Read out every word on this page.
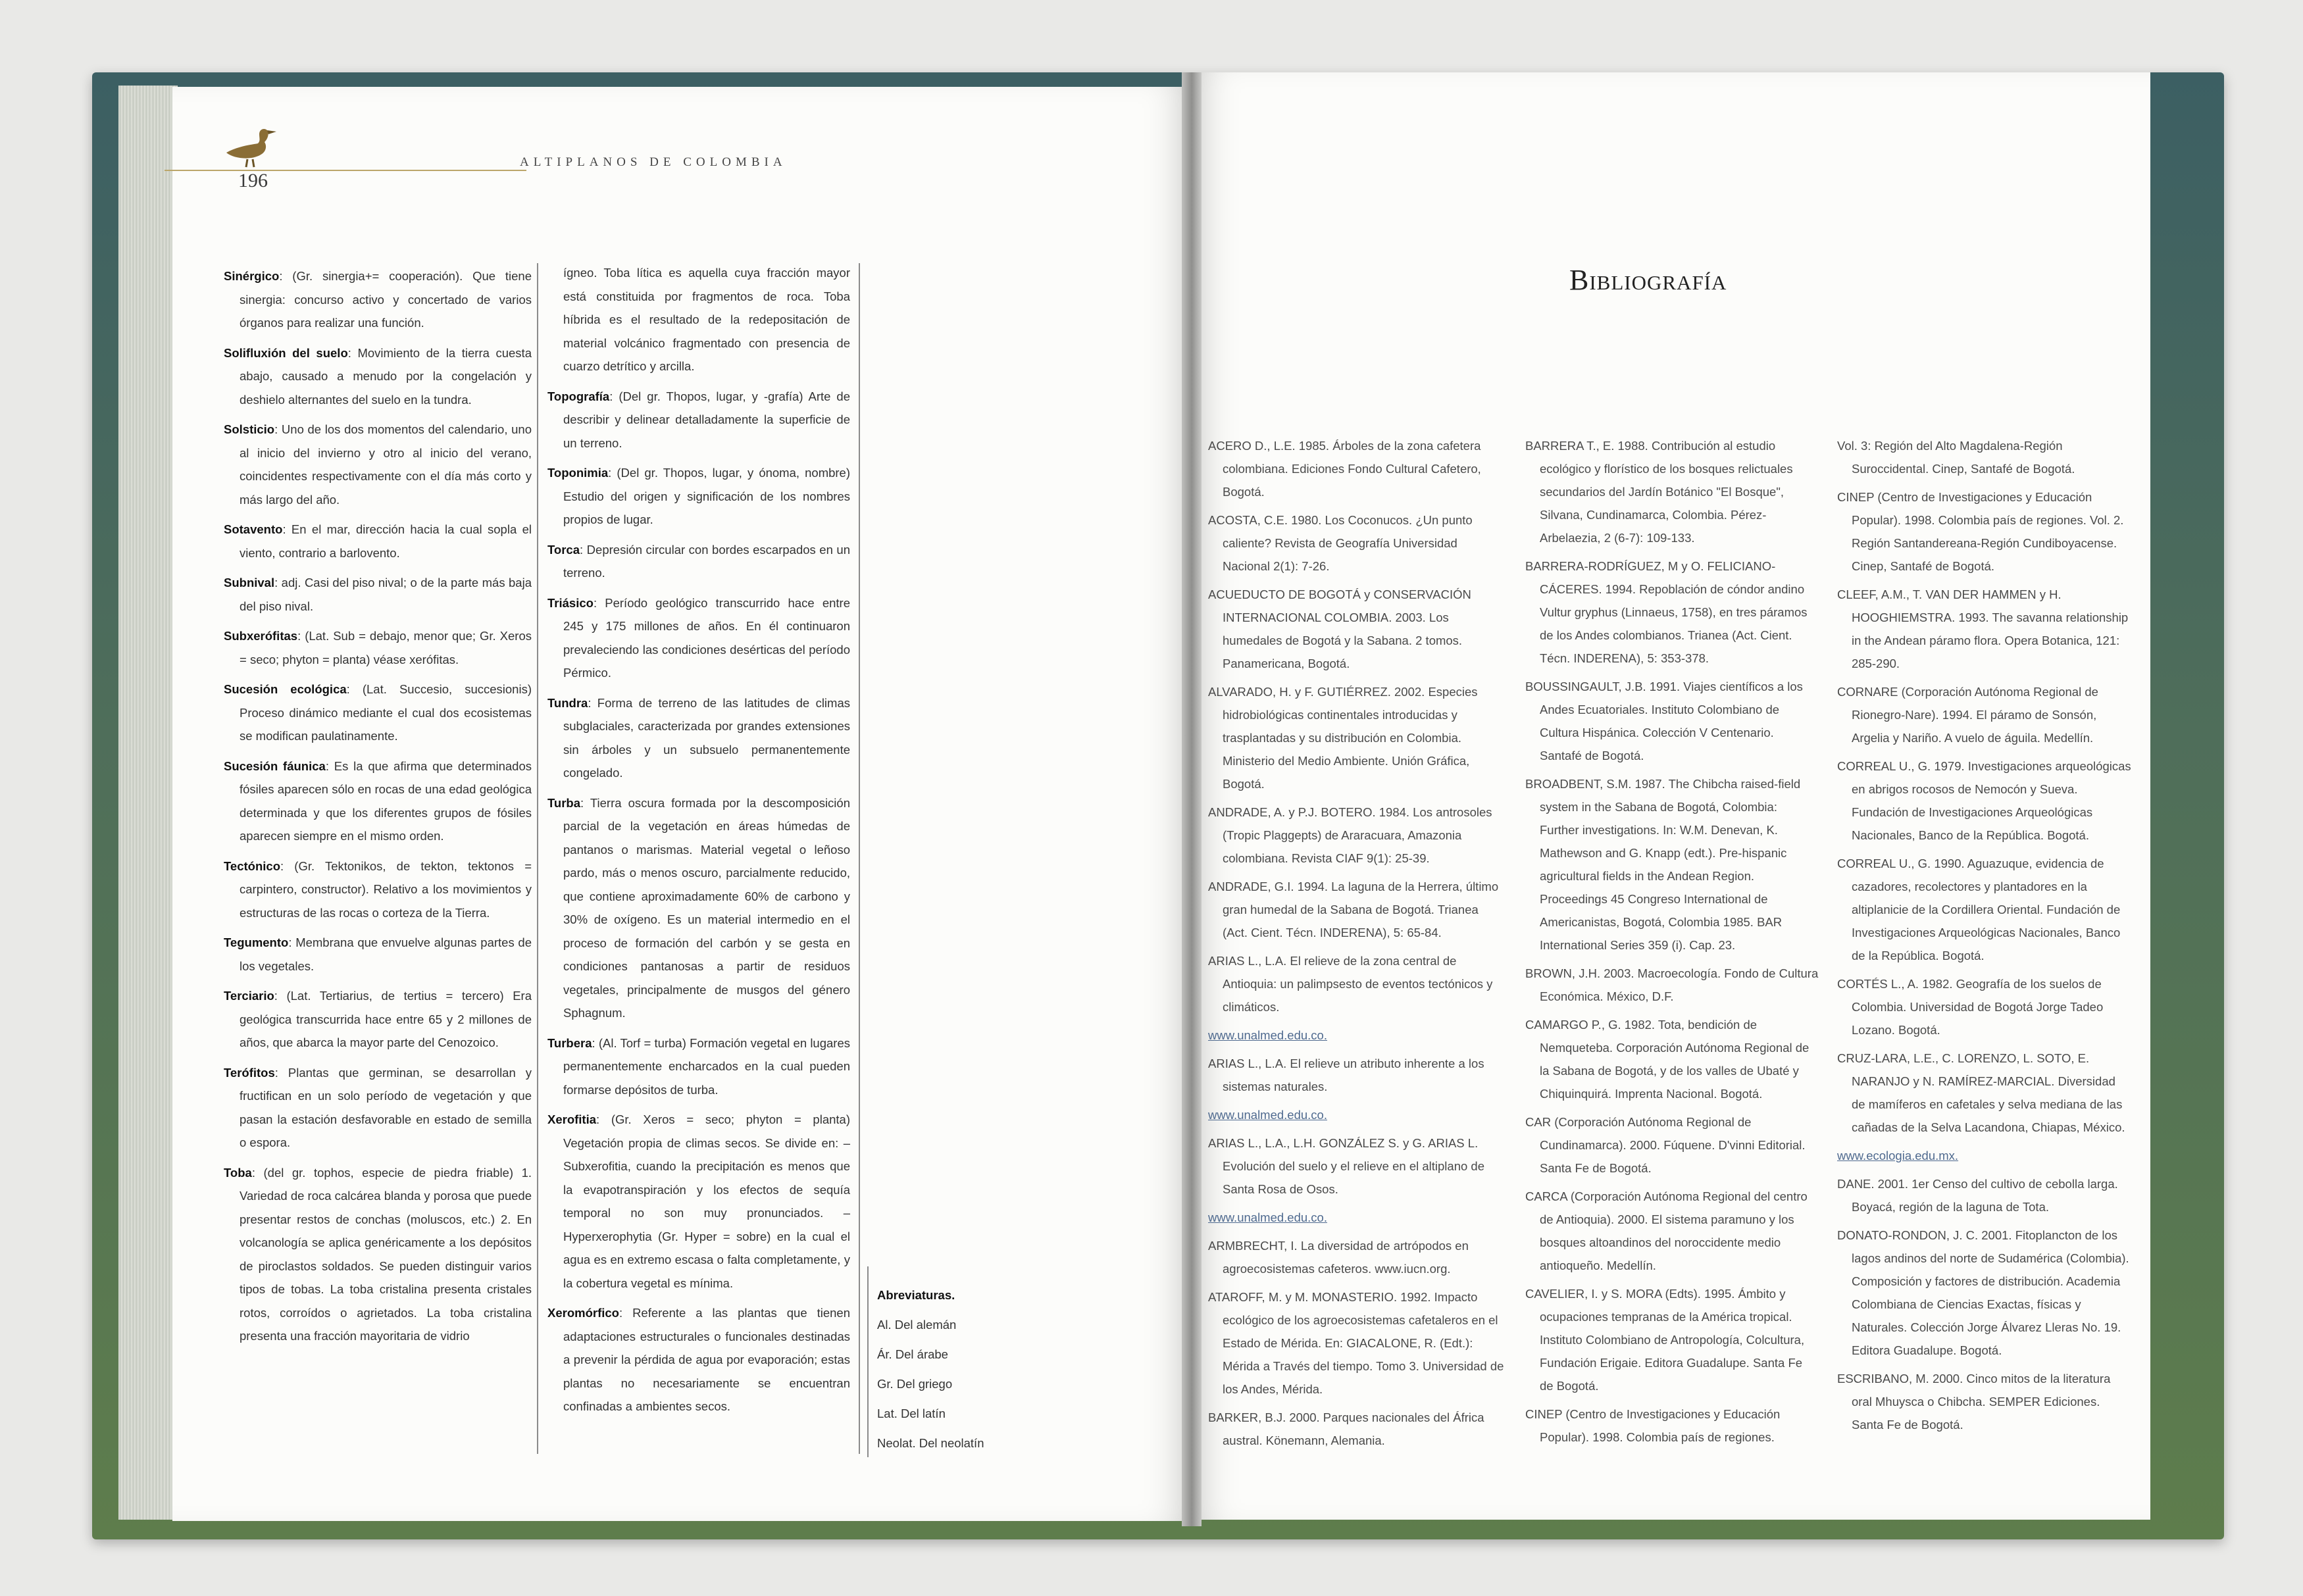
196
ALTIPLANOS DE COLOMBIA

Sinérgico: (Gr. sinergia+= cooperación). Que tiene sinergia: concurso activo y concertado de varios órganos para realizar una función.

Solifluxión del suelo: Movimiento de la tierra cuesta abajo, causado a menudo por la congelación y deshielo alternantes del suelo en la tundra.

Solsticio: Uno de los dos momentos del calendario, uno al inicio del invierno y otro al inicio del verano, coincidentes respectivamente con el día más corto y más largo del año.

Sotavento: En el mar, dirección hacia la cual sopla el viento, contrario a barlovento.

Subnival: adj. Casi del piso nival; o de la parte más baja del piso nival.

Subxerófitas: (Lat. Sub = debajo, menor que; Gr. Xeros = seco; phyton = planta) véase xerófitas.

Sucesión ecológica: (Lat. Succesio, succesionis) Proceso dinámico mediante el cual dos ecosistemas se modifican paulatinamente.

Sucesión fáunica: Es la que afirma que determinados fósiles aparecen sólo en rocas de una edad geológica determinada y que los diferentes grupos de fósiles aparecen siempre en el mismo orden.

Tectónico: (Gr. Tektonikos, de tekton, tektonos = carpintero, constructor). Relativo a los movimientos y estructuras de las rocas o corteza de la Tierra.

Tegumento: Membrana que envuelve algunas partes de los vegetales.

Terciario: (Lat. Tertiarius, de tertius = tercero) Era geológica transcurrida hace entre 65 y 2 millones de años, que abarca la mayor parte del Cenozoico.

Terófitos: Plantas que germinan, se desarrollan y fructifican en un solo período de vegetación y que pasan la estación desfavorable en estado de semilla o espora.

Toba: (del gr. tophos, especie de piedra friable) 1. Variedad de roca calcárea blanda y porosa que puede presentar restos de conchas (moluscos, etc.) 2. En volcanología se aplica genéricamente a los depósitos de piroclastos soldados. Se pueden distinguir varios tipos de tobas. La toba cristalina presenta cristales rotos, corroídos o agrietados. La toba cristalina presenta una fracción mayoritaria de vidrio

ígneo. Toba lítica es aquella cuya fracción mayor está constituida por fragmentos de roca. Toba híbrida es el resultado de la redepositación de material volcánico fragmentado con presencia de cuarzo detrítico y arcilla.

Topografía: (Del gr. Thopos, lugar, y -grafía) Arte de describir y delinear detalladamente la superficie de un terreno.

Toponimia: (Del gr. Thopos, lugar, y ónoma, nombre) Estudio del origen y significación de los nombres propios de lugar.

Torca: Depresión circular con bordes escarpados en un terreno.

Triásico: Período geológico transcurrido hace entre 245 y 175 millones de años. En él continuaron prevaleciendo las condiciones desérticas del período Pérmico.

Tundra: Forma de terreno de las latitudes de climas subglaciales, caracterizada por grandes extensiones sin árboles y un subsuelo permanentemente congelado.

Turba: Tierra oscura formada por la descomposición parcial de la vegetación en áreas húmedas de pantanos o marismas. Material vegetal o leñoso pardo, más o menos oscuro, parcialmente reducido, que contiene aproximadamente 60% de carbono y 30% de oxígeno. Es un material intermedio en el proceso de formación del carbón y se gesta en condiciones pantanosas a partir de residuos vegetales, principalmente de musgos del género Sphagnum.

Turbera: (Al. Torf = turba) Formación vegetal en lugares permanentemente encharcados en la cual pueden formarse depósitos de turba.

Xerofitia: (Gr. Xeros = seco; phyton = planta) Vegetación propia de climas secos. Se divide en: –Subxerofitia, cuando la precipitación es menos que la evapotranspiración y los efectos de sequía temporal no son muy pronunciados. –Hyperxerophytia (Gr. Hyper = sobre) en la cual el agua es en extremo escasa o falta completamente, y la cobertura vegetal es mínima.

Xeromórfico: Referente a las plantas que tienen adaptaciones estructurales o funcionales destinadas a prevenir la pérdida de agua por evaporación; estas plantas no necesariamente se encuentran confinadas a ambientes secos.

Abreviaturas.
Al. Del alemán
Ár. Del árabe
Gr. Del griego
Lat. Del latín
Neolat. Del neolatín
Bibliografía

ACERO D., L.E. 1985. Árboles de la zona cafetera colombiana. Ediciones Fondo Cultural Cafetero, Bogotá.

ACOSTA, C.E. 1980. Los Coconucos. ¿Un punto caliente? Revista de Geografía Universidad Nacional 2(1): 7-26.

ACUEDUCTO DE BOGOTÁ y CONSERVACIÓN INTERNACIONAL COLOMBIA. 2003. Los humedales de Bogotá y la Sabana. 2 tomos. Panamericana, Bogotá.

ALVARADO, H. y F. GUTIÉRREZ. 2002. Especies hidrobiológicas continentales introducidas y trasplantadas y su distribución en Colombia. Ministerio del Medio Ambiente. Unión Gráfica, Bogotá.

ANDRADE, A. y P.J. BOTERO. 1984. Los antrosoles (Tropic Plaggepts) de Araracuara, Amazonia colombiana. Revista CIAF 9(1): 25-39.

ANDRADE, G.I. 1994. La laguna de la Herrera, último gran humedal de la Sabana de Bogotá. Trianea (Act. Cient. Técn. INDERENA), 5: 65-84.

ARIAS L., L.A. El relieve de la zona central de Antioquia: un palimpsesto de eventos tectónicos y climáticos.

www.unalmed.edu.co.

ARIAS L., L.A. El relieve un atributo inherente a los sistemas naturales.

www.unalmed.edu.co.

ARIAS L., L.A., L.H. GONZÁLEZ S. y G. ARIAS L. Evolución del suelo y el relieve en el altiplano de Santa Rosa de Osos.

www.unalmed.edu.co.

ARMBRECHT, I. La diversidad de artrópodos en agroecosistemas cafeteros. www.iucn.org.

ATAROFF, M. y M. MONASTERIO. 1992. Impacto ecológico de los agroecosistemas cafetaleros en el Estado de Mérida. En: GIACALONE, R. (Edt.): Mérida a Través del tiempo. Tomo 3. Universidad de los Andes, Mérida.

BARKER, B.J. 2000. Parques nacionales del África austral. Könemann, Alemania.

BARRERA T., E. 1988. Contribución al estudio ecológico y florístico de los bosques relictuales secundarios del Jardín Botánico "El Bosque", Silvana, Cundinamarca, Colombia. Pérez-Arbelaezia, 2 (6-7): 109-133.

BARRERA-RODRÍGUEZ, M y O. FELICIANO-CÁCERES. 1994. Repoblación de cóndor andino Vultur gryphus (Linnaeus, 1758), en tres páramos de los Andes colombianos. Trianea (Act. Cient. Técn. INDERENA), 5: 353-378.

BOUSSINGAULT, J.B. 1991. Viajes científicos a los Andes Ecuatoriales. Instituto Colombiano de Cultura Hispánica. Colección V Centenario. Santafé de Bogotá.

BROADBENT, S.M. 1987. The Chibcha raised-field system in the Sabana de Bogotá, Colombia: Further investigations. In: W.M. Denevan, K. Mathewson and G. Knapp (edt.). Pre-hispanic agricultural fields in the Andean Region. Proceedings 45 Congreso International de Americanistas, Bogotá, Colombia 1985. BAR International Series 359 (i). Cap. 23.

BROWN, J.H. 2003. Macroecología. Fondo de Cultura Económica. México, D.F.

CAMARGO P., G. 1982. Tota, bendición de Nemqueteba. Corporación Autónoma Regional de la Sabana de Bogotá, y de los valles de Ubaté y Chiquinquirá. Imprenta Nacional. Bogotá.

CAR (Corporación Autónoma Regional de Cundinamarca). 2000. Fúquene. D'vinni Editorial. Santa Fe de Bogotá.

CARCA (Corporación Autónoma Regional del centro de Antioquia). 2000. El sistema paramuno y los bosques altoandinos del noroccidente medio antioqueño. Medellín.

CAVELIER, I. y S. MORA (Edts). 1995. Ámbito y ocupaciones tempranas de la América tropical. Instituto Colombiano de Antropología, Colcultura, Fundación Erigaie. Editora Guadalupe. Santa Fe de Bogotá.

CINEP (Centro de Investigaciones y Educación Popular). 1998. Colombia país de regiones.

Vol. 3: Región del Alto Magdalena-Región Suroccidental. Cinep, Santafé de Bogotá.

CINEP (Centro de Investigaciones y Educación Popular). 1998. Colombia país de regiones. Vol. 2. Región Santandereana-Región Cundiboyacense. Cinep, Santafé de Bogotá.

CLEEF, A.M., T. VAN DER HAMMEN y H. HOOGHIEMSTRA. 1993. The savanna relationship in the Andean páramo flora. Opera Botanica, 121: 285-290.

CORNARE (Corporación Autónoma Regional de Rionegro-Nare). 1994. El páramo de Sonsón, Argelia y Nariño. A vuelo de águila. Medellín.

CORREAL U., G. 1979. Investigaciones arqueológicas en abrigos rocosos de Nemocón y Sueva. Fundación de Investigaciones Arqueológicas Nacionales, Banco de la República. Bogotá.

CORREAL U., G. 1990. Aguazuque, evidencia de cazadores, recolectores y plantadores en la altiplanicie de la Cordillera Oriental. Fundación de Investigaciones Arqueológicas Nacionales, Banco de la República. Bogotá.

CORTÉS L., A. 1982. Geografía de los suelos de Colombia. Universidad de Bogotá Jorge Tadeo Lozano. Bogotá.

CRUZ-LARA, L.E., C. LORENZO, L. SOTO, E. NARANJO y N. RAMÍREZ-MARCIAL. Diversidad de mamíferos en cafetales y selva mediana de las cañadas de la Selva Lacandona, Chiapas, México.

www.ecologia.edu.mx.

DANE. 2001. 1er Censo del cultivo de cebolla larga. Boyacá, región de la laguna de Tota.

DONATO-RONDON, J. C. 2001. Fitoplancton de los lagos andinos del norte de Sudamérica (Colombia). Composición y factores de distribución. Academia Colombiana de Ciencias Exactas, físicas y Naturales. Colección Jorge Álvarez Lleras No. 19. Editora Guadalupe. Bogotá.

ESCRIBANO, M. 2000. Cinco mitos de la literatura oral Mhuysca o Chibcha. SEMPER Ediciones. Santa Fe de Bogotá.
